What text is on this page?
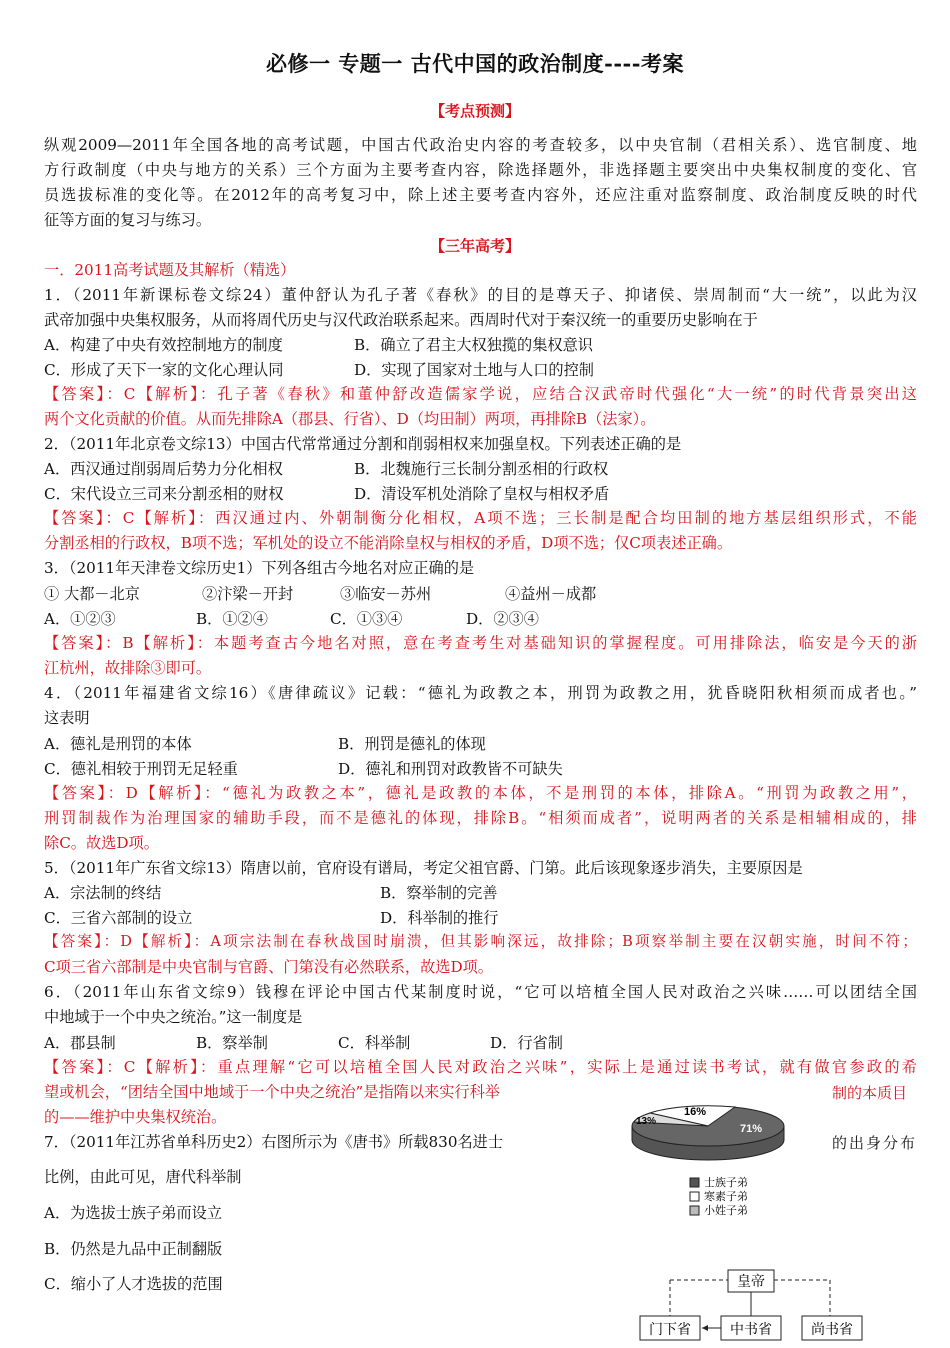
必修一 专题一 古代中国的政治制度----考案
【考点预测】
纵观2009—2011年全国各地的高考试题，中国古代政治史内容的考查较多，以中央官制（君相关系）、选官制度、地
方行政制度（中央与地方的关系）三个方面为主要考查内容，除选择题外，非选择题主要突出中央集权制度的变化、官
员选拔标准的变化等。在2012年的高考复习中，除上述主要考查内容外，还应注重对监察制度、政治制度反映的时代
征等方面的复习与练习。
【三年高考】
一．2011高考试题及其解析（精选）
1．（2011年新课标卷文综24）董仲舒认为孔子著《春秋》的目的是尊天子、抑诸侯、崇周制而“大一统”，以此为汉
武帝加强中央集权服务，从而将周代历史与汉代政治联系起来。西周时代对于秦汉统一的重要历史影响在于
A．构建了中央有效控制地方的制度	B．确立了君主大权独揽的集权意识
C．形成了天下一家的文化心理认同	D．实现了国家对土地与人口的控制
【答案】：C【解析】：孔子著《春秋》和董仲舒改造儒家学说，应结合汉武帝时代强化“大一统”的时代背景突出这
两个文化贡献的价值。从而先排除A（郡县、行省）、D（均田制）两项，再排除B（法家）。
2．（2011年北京卷文综13）中国古代常常通过分割和削弱相权来加强皇权。下列表述正确的是
A．西汉通过削弱周后势力分化相权	B．北魏施行三长制分割丞相的行政权
C．宋代设立三司来分割丞相的财权	D．清设军机处消除了皇权与相权矛盾
【答案】：C【解析】：西汉通过内、外朝制衡分化相权，A项不选；三长制是配合均田制的地方基层组织形式，不能
分割丞相的行政权，B项不选；军机处的设立不能消除皇权与相权的矛盾，D项不选；仅C项表述正确。
3．（2011年天津卷文综历史1）下列各组古今地名对应正确的是
① 大都－北京	②汴梁－开封	③临安－苏州	④益州－成都
A．①②③	B．①②④	C．①③④	D．②③④
【答案】：B【解析】：本题考查古今地名对照，意在考查考生对基础知识的掌握程度。可用排除法，临安是今天的浙
江杭州，故排除③即可。
4．（2011年福建省文综16）《唐律疏议》记载：“德礼为政教之本，刑罚为政教之用，犹昏晓阳秋相须而成者也。”
这表明
A．德礼是刑罚的本体	B．刑罚是德礼的体现
C．德礼相较于刑罚无足轻重	D．德礼和刑罚对政教皆不可缺失
【答案】：D【解析】：“德礼为政教之本”，德礼是政教的本体，不是刑罚的本体，排除A。“刑罚为政教之用”，
刑罚制裁作为治理国家的辅助手段，而不是德礼的体现，排除B。“相须而成者”，说明两者的关系是相辅相成的，排
除C。故选D项。
5．（2011年广东省文综13）隋唐以前，官府设有谱局，考定父祖官爵、门第。此后该现象逐步消失，主要原因是
A．宗法制的终结	B．察举制的完善
C．三省六部制的设立	D．科举制的推行
【答案】：D【解析】：A项宗法制在春秋战国时崩溃，但其影响深远，故排除；B项察举制主要在汉朝实施，时间不符；
C项三省六部制是中央官制与官爵、门第没有必然联系，故选D项。
6．（2011年山东省文综9）钱穆在评论中国古代某制度时说，“它可以培植全国人民对政治之兴味……可以团结全国
中地域于一个中央之统治。”这一制度是
A．郡县制	B．察举制	C．科举制	D．行省制
【答案】：C【解析】：重点理解“它可以培植全国人民对政治之兴味”，实际上是通过读书考试，就有做官参政的希
望或机会，“团结全国中地域于一个中央之统治”是指隋以来实行科举	制的本质目
的——维护中央集权统治。
7．（2011年江苏省单科历史2）右图所示为《唐书》所载830名进士	的出身分布
比例，由此可见，唐代科举制
A．为选拔士族子弟而设立
B．仍然是九品中正制翻版
C．缩小了人才选拔的范围
16%
13%
71%
士族子弟
寒素子弟
小姓子弟
皇帝
门下省	中书省	尚书省
